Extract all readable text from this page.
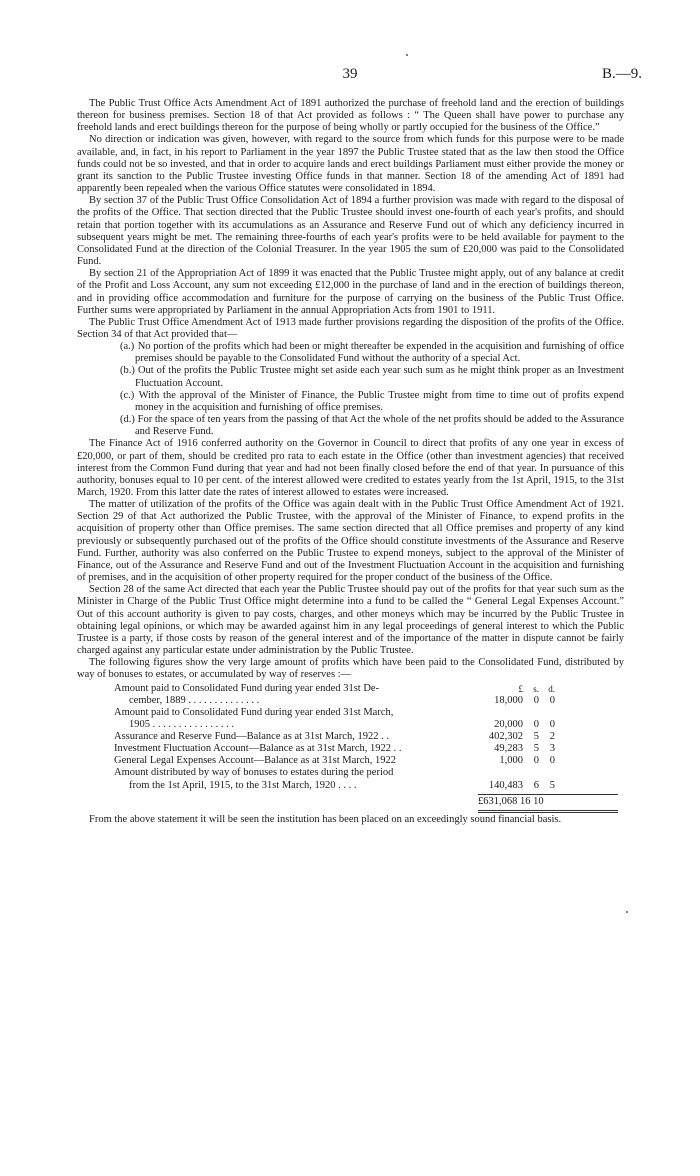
39	B.—9.

The Public Trust Office Acts Amendment Act of 1891 authorized the purchase of freehold land and the erection of buildings thereon for business premises. Section 18 of that Act provided as follows : “ The Queen shall have power to purchase any freehold lands and erect buildings thereon for the purpose of being wholly or partly occupied for the business of the Office.”

No direction or indication was given, however, with regard to the source from which funds for this purpose were to be made available, and, in fact, in his report to Parliament in the year 1897 the Public Trustee stated that as the law then stood the Office funds could not be so invested, and that in order to acquire lands and erect buildings Parliament must either provide the money or grant its sanction to the Public Trustee investing Office funds in that manner. Section 18 of the amending Act of 1891 had apparently been repealed when the various Office statutes were consolidated in 1894.

By section 37 of the Public Trust Office Consolidation Act of 1894 a further provision was made with regard to the disposal of the profits of the Office. That section directed that the Public Trustee should invest one-fourth of each year's profits, and should retain that portion together with its accumulations as an Assurance and Reserve Fund out of which any deficiency incurred in subsequent years might be met. The remaining three-fourths of each year's profits were to be held available for payment to the Consolidated Fund at the direction of the Colonial Treasurer. In the year 1905 the sum of £20,000 was paid to the Consolidated Fund.

By section 21 of the Appropriation Act of 1899 it was enacted that the Public Trustee might apply, out of any balance at credit of the Profit and Loss Account, any sum not exceeding £12,000 in the purchase of land and in the erection of buildings thereon, and in providing office accommodation and furniture for the purpose of carrying on the business of the Public Trust Office. Further sums were appropriated by Parliament in the annual Appropriation Acts from 1901 to 1911.

The Public Trust Office Amendment Act of 1913 made further provisions regarding the disposition of the profits of the Office. Section 34 of that Act provided that—

(a.) No portion of the profits which had been or might thereafter be expended in the acquisition and furnishing of office premises should be payable to the Consolidated Fund without the authority of a special Act.
(b.) Out of the profits the Public Trustee might set aside each year such sum as he might think proper as an Investment Fluctuation Account.
(c.) With the approval of the Minister of Finance, the Public Trustee might from time to time out of profits expend money in the acquisition and furnishing of office premises.
(d.) For the space of ten years from the passing of that Act the whole of the net profits should be added to the Assurance and Reserve Fund.

The Finance Act of 1916 conferred authority on the Governor in Council to direct that profits of any one year in excess of £20,000, or part of them, should be credited pro rata to each estate in the Office (other than investment agencies) that received interest from the Common Fund during that year and had not been finally closed before the end of that year. In pursuance of this authority, bonuses equal to 10 per cent. of the interest allowed were credited to estates yearly from the 1st April, 1915, to the 31st March, 1920. From this latter date the rates of interest allowed to estates were increased.

The matter of utilization of the profits of the Office was again dealt with in the Public Trust Office Amendment Act of 1921. Section 29 of that Act authorized the Public Trustee, with the approval of the Minister of Finance, to expend profits in the acquisition of property other than Office premises. The same section directed that all Office premises and property of any kind previously or subsequently purchased out of the profits of the Office should constitute investments of the Assurance and Reserve Fund. Further, authority was also conferred on the Public Trustee to expend moneys, subject to the approval of the Minister of Finance, out of the Assurance and Reserve Fund and out of the Investment Fluctuation Account in the acquisition and furnishing of premises, and in the acquisition of other property required for the proper conduct of the business of the Office.

Section 28 of the same Act directed that each year the Public Trustee should pay out of the profits for that year such sum as the Minister in Charge of the Public Trust Office might determine into a fund to be called the “ General Legal Expenses Account.” Out of this account authority is given to pay costs, charges, and other moneys which may be incurred by the Public Trustee in obtaining legal opinions, or which may be awarded against him in any legal proceedings of general interest to which the Public Trustee is a party, if those costs by reason of the general interest and of the importance of the matter in dispute cannot be fairly charged against any particular estate under administration by the Public Trustee.

The following figures show the very large amount of profits which have been paid to the Consolidated Fund, distributed by way of bonuses to estates, or accumulated by way of reserves :—

Amount paid to Consolidated Fund during year ended 31st De-	£ s. d.
cember, 1889 . . . . . . . . . . . . . .	18,000 0 0
Amount paid to Consolidated Fund during year ended 31st March,
1905 . . . . . . . . . . . . . . . .	20,000 0 0
Assurance and Reserve Fund—Balance as at 31st March, 1922 . .	402,302 5 2
Investment Fluctuation Account—Balance as at 31st March, 1922 . .	49,283 5 3
General Legal Expenses Account—Balance as at 31st March, 1922	1,000 0 0
Amount distributed by way of bonuses to estates during the period
from the 1st April, 1915, to the 31st March, 1920 . . . .	140,483 6 5
£631,068 16 10

From the above statement it will be seen the institution has been placed on an exceedingly sound financial basis.
